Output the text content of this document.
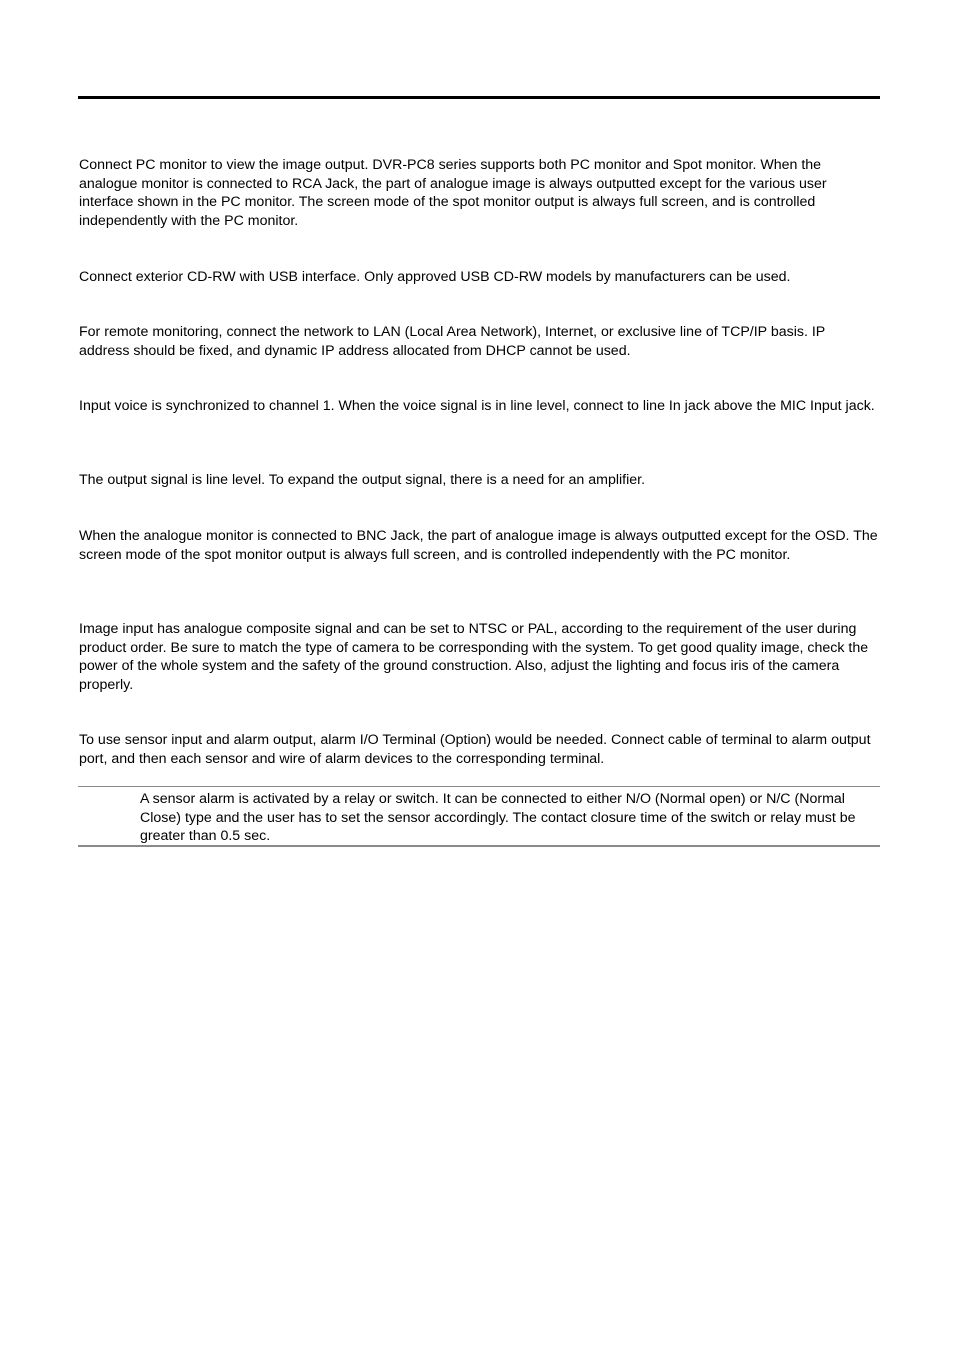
Connect PC monitor to view the image output. DVR-PC8 series supports both PC monitor and Spot monitor. When the analogue monitor is connected to RCA Jack, the part of analogue image is always outputted except for the various user interface shown in the PC monitor. The screen mode of the spot monitor output is always full screen, and is controlled independently with the PC monitor.

Connect exterior CD-RW with USB interface. Only approved USB CD-RW models by manufacturers can be used.

For remote monitoring, connect the network to LAN (Local Area Network), Internet, or exclusive line of TCP/IP basis. IP address should be fixed, and dynamic IP address allocated from DHCP cannot be used.

Input voice is synchronized to channel 1. When the voice signal is in line level, connect to line In jack above the MIC Input jack.

The output signal is line level. To expand the output signal, there is a need for an amplifier.

When the analogue monitor is connected to BNC Jack, the part of analogue image is always outputted except for the OSD. The screen mode of the spot monitor output is always full screen, and is controlled independently with the PC monitor.

Image input has analogue composite signal and can be set to NTSC or PAL, according to the requirement of the user during product order. Be sure to match the type of camera to be corresponding with the system. To get good quality image, check the power of the whole system and the safety of the ground construction. Also, adjust the lighting and focus iris of the camera properly.

To use sensor input and alarm output, alarm I/O Terminal (Option) would be needed. Connect cable of terminal to alarm output port, and then each sensor and wire of alarm devices to the corresponding terminal.

A sensor alarm is activated by a relay or switch. It can be connected to either N/O (Normal open) or N/C (Normal Close) type and the user has to set the sensor accordingly. The contact closure time of the switch or relay must be greater than 0.5 sec.
